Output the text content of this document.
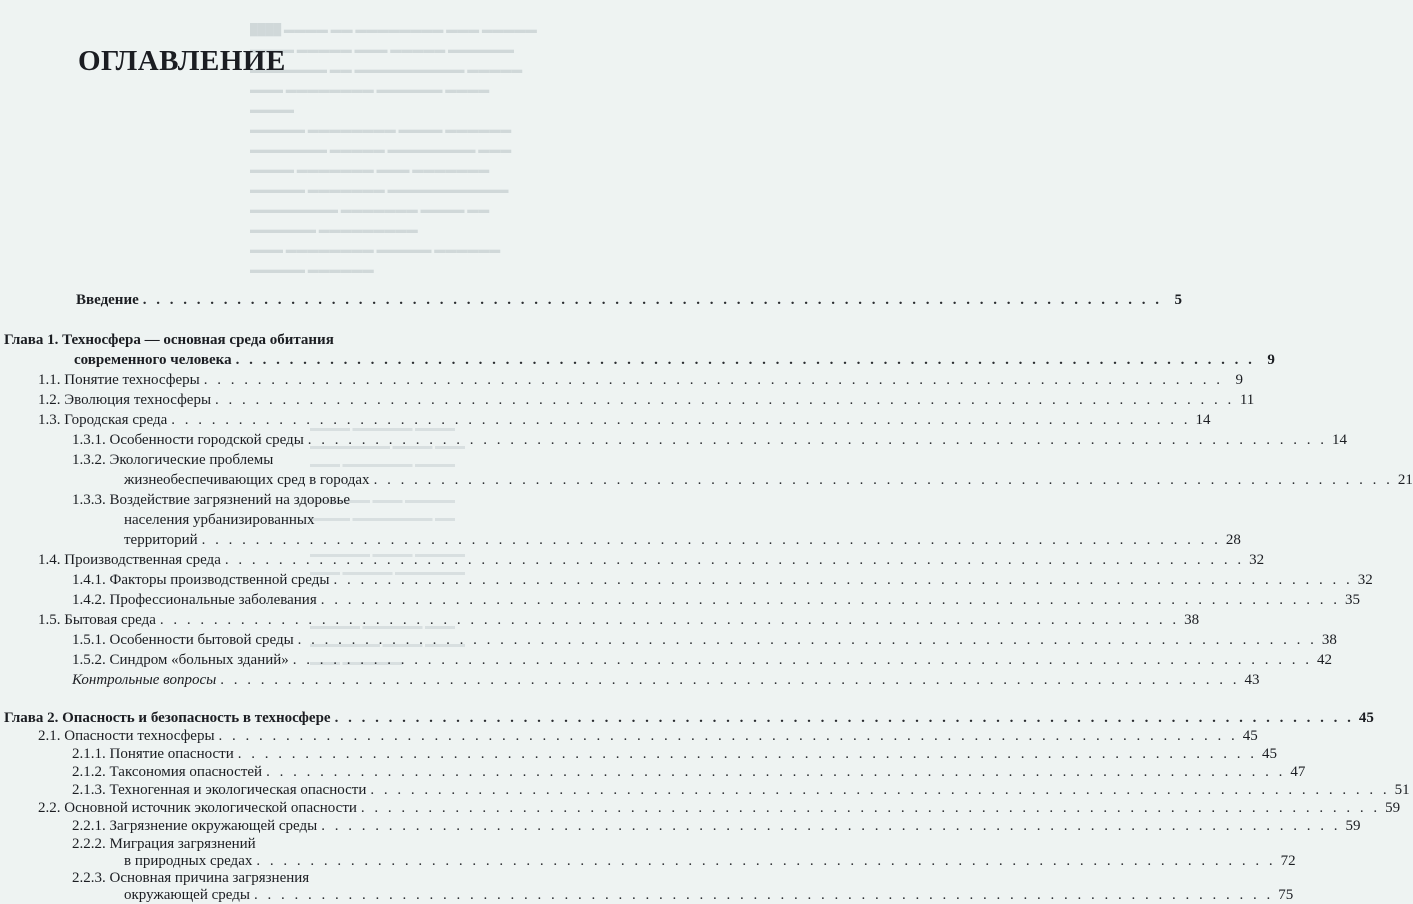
████ ▬▬▬▬ ▬▬ ▬▬▬▬▬▬▬▬ ▬▬▬ ▬▬▬▬▬
▬▬▬▬ ▬▬▬▬▬ ▬▬▬ ▬▬▬▬▬ ▬▬▬▬▬▬
▬▬▬▬▬▬▬ ▬▬ ▬▬▬▬▬▬▬▬▬▬ ▬▬▬▬▬
▬▬▬ ▬▬▬▬▬▬▬▬ ▬▬▬▬▬▬ ▬▬▬▬
▬▬▬▬
▬▬▬▬▬ ▬▬▬▬▬▬▬▬ ▬▬▬▬ ▬▬▬▬▬▬
▬▬▬▬▬▬▬ ▬▬▬▬▬ ▬▬▬▬▬▬▬▬ ▬▬▬
▬▬▬▬ ▬▬▬▬▬▬▬ ▬▬▬ ▬▬▬▬▬▬▬
▬▬▬▬▬ ▬▬▬▬▬▬▬ ▬▬▬▬▬▬▬▬▬▬▬
▬▬▬▬▬▬▬▬ ▬▬▬▬▬▬▬ ▬▬▬▬ ▬▬
▬▬▬▬▬▬ ▬▬▬▬▬▬▬▬▬
▬▬▬ ▬▬▬▬▬▬▬▬ ▬▬▬▬▬ ▬▬▬▬▬▬
▬▬▬▬▬ ▬▬▬▬▬▬
▬▬▬▬ ▬▬▬▬▬▬ ▬▬▬▬
▬▬▬▬▬▬▬▬ ▬▬▬▬ ▬▬▬
▬▬▬ ▬▬▬▬▬▬▬ ▬▬▬▬

▬▬▬▬▬▬ ▬▬▬ ▬▬▬▬▬
▬▬▬▬ ▬▬▬▬▬▬▬▬ ▬▬

▬▬▬▬▬▬ ▬▬▬▬ ▬▬▬▬▬
▬▬▬ ▬▬▬▬▬ ▬▬▬▬▬▬▬

▬▬▬▬▬ ▬▬▬▬▬▬ ▬▬▬
▬▬▬▬▬▬▬ ▬▬▬▬ ▬▬▬▬
▬▬▬ ▬▬▬▬▬▬
ОГЛАВЛЕНИЕ
Введение . . .	5
Глава 1. Техносфера — основная среда обитания
современного человека . . .	9
1.1. Понятие техносферы . . .	9
1.2. Эволюция техносферы . . .	11
1.3. Городская среда . . .	14
1.3.1. Особенности городской среды . . .	14
1.3.2. Экологические проблемы
жизнеобеспечивающих сред в городах . . .	21
1.3.3. Воздействие загрязнений на здоровье
населения урбанизированных
территорий . . .	28
1.4. Производственная среда . . .	32
1.4.1. Факторы производственной среды . . .	32
1.4.2. Профессиональные заболевания . . .	35
1.5. Бытовая среда . . .	38
1.5.1. Особенности бытовой среды . . .	38
1.5.2. Синдром «больных зданий» . . .	42
Контрольные вопросы . . .	43
Глава 2. Опасность и безопасность в техносфере . . .	45
2.1. Опасности техносферы . . .	45
2.1.1. Понятие опасности . . .	45
2.1.2. Таксономия опасностей . . .	47
2.1.3. Техногенная и экологическая опасности . . .	51
2.2. Основной источник экологической опасности . . .	59
2.2.1. Загрязнение окружающей среды . . .	59
2.2.2. Миграция загрязнений
в природных средах . . .	72
2.2.3. Основная причина загрязнения
окружающей среды . . .	75
